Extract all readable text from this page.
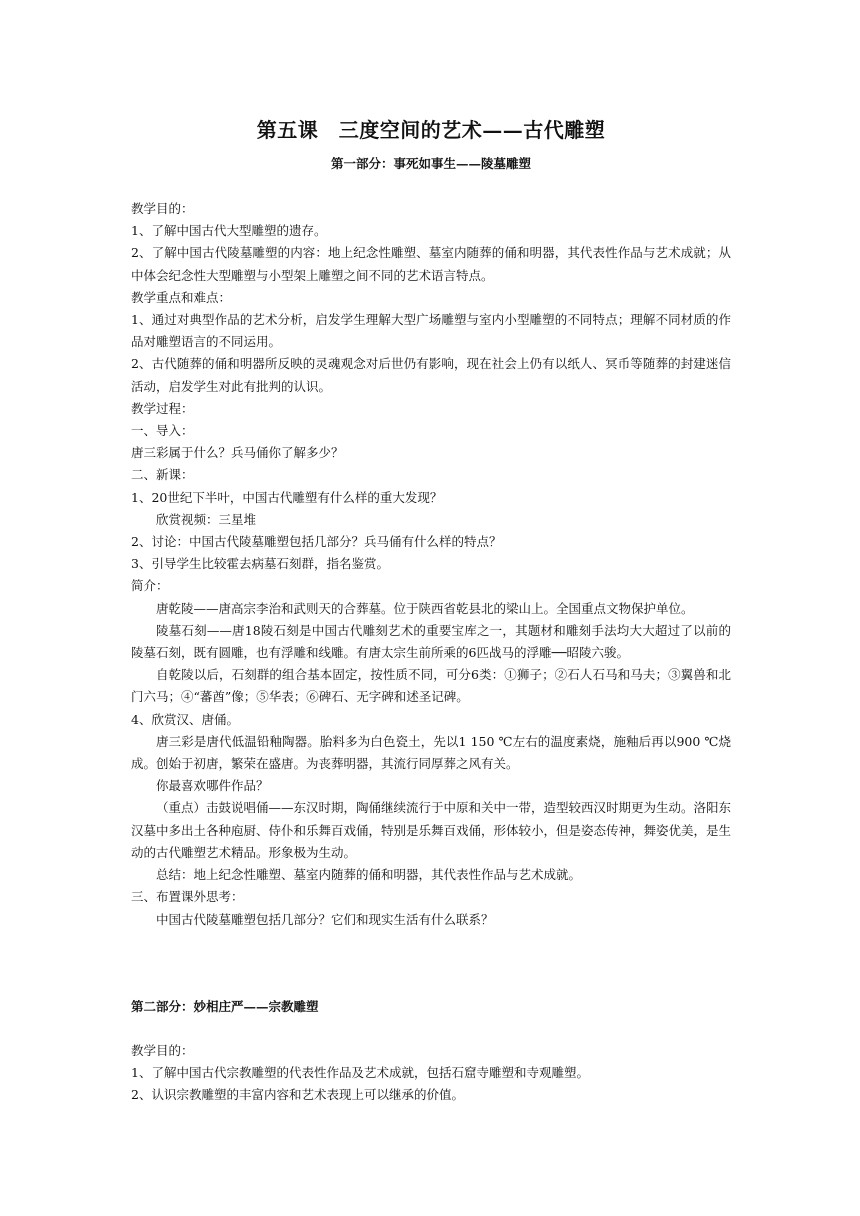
第五课　三度空间的艺术——古代雕塑
第一部分：事死如事生——陵墓雕塑

教学目的：

1、了解中国古代大型雕塑的遗存。

2、了解中国古代陵墓雕塑的内容：地上纪念性雕塑、墓室内随葬的俑和明器，其代表性作品与艺术成就；从中体会纪念性大型雕塑与小型架上雕塑之间不同的艺术语言特点。

教学重点和难点：

1、通过对典型作品的艺术分析，启发学生理解大型广场雕塑与室内小型雕塑的不同特点；理解不同材质的作品对雕塑语言的不同运用。

2、古代随葬的俑和明器所反映的灵魂观念对后世仍有影响，现在社会上仍有以纸人、冥币等随葬的封建迷信活动，启发学生对此有批判的认识。

教学过程：

一、导入：

唐三彩属于什么？兵马俑你了解多少？

二、新课：

1、20世纪下半叶，中国古代雕塑有什么样的重大发现？

欣赏视频：三星堆

2、讨论：中国古代陵墓雕塑包括几部分？兵马俑有什么样的特点？

3、引导学生比较霍去病墓石刻群，指名鉴赏。

简介：

唐乾陵——唐高宗李治和武则天的合葬墓。位于陕西省乾县北的梁山上。全国重点文物保护单位。

陵墓石刻——唐18陵石刻是中国古代雕刻艺术的重要宝库之一，其题材和雕刻手法均大大超过了以前的陵墓石刻，既有圆雕，也有浮雕和线雕。有唐太宗生前所乘的6匹战马的浮雕──昭陵六骏。

自乾陵以后，石刻群的组合基本固定，按性质不同，可分6类：①狮子；②石人石马和马夫；③翼兽和北门六马；④“蕃酋”像；⑤华表；⑥碑石、无字碑和述圣记碑。

4、欣赏汉、唐俑。

唐三彩是唐代低温铅釉陶器。胎料多为白色瓷土，先以1 150 ℃左右的温度素烧，施釉后再以900 ℃烧成。创始于初唐，繁荣在盛唐。为丧葬明器，其流行同厚葬之风有关。

你最喜欢哪件作品？

（重点）击鼓说唱俑——东汉时期，陶俑继续流行于中原和关中一带，造型较西汉时期更为生动。洛阳东汉墓中多出土各种庖厨、侍仆和乐舞百戏俑，特别是乐舞百戏俑，形体较小，但是姿态传神，舞姿优美，是生动的古代雕塑艺术精品。形象极为生动。

总结：地上纪念性雕塑、墓室内随葬的俑和明器，其代表性作品与艺术成就。

三、布置课外思考：

中国古代陵墓雕塑包括几部分？它们和现实生活有什么联系？

第二部分：妙相庄严——宗教雕塑

教学目的：

1、了解中国古代宗教雕塑的代表性作品及艺术成就，包括石窟寺雕塑和寺观雕塑。

2、认识宗教雕塑的丰富内容和艺术表现上可以继承的价值。
